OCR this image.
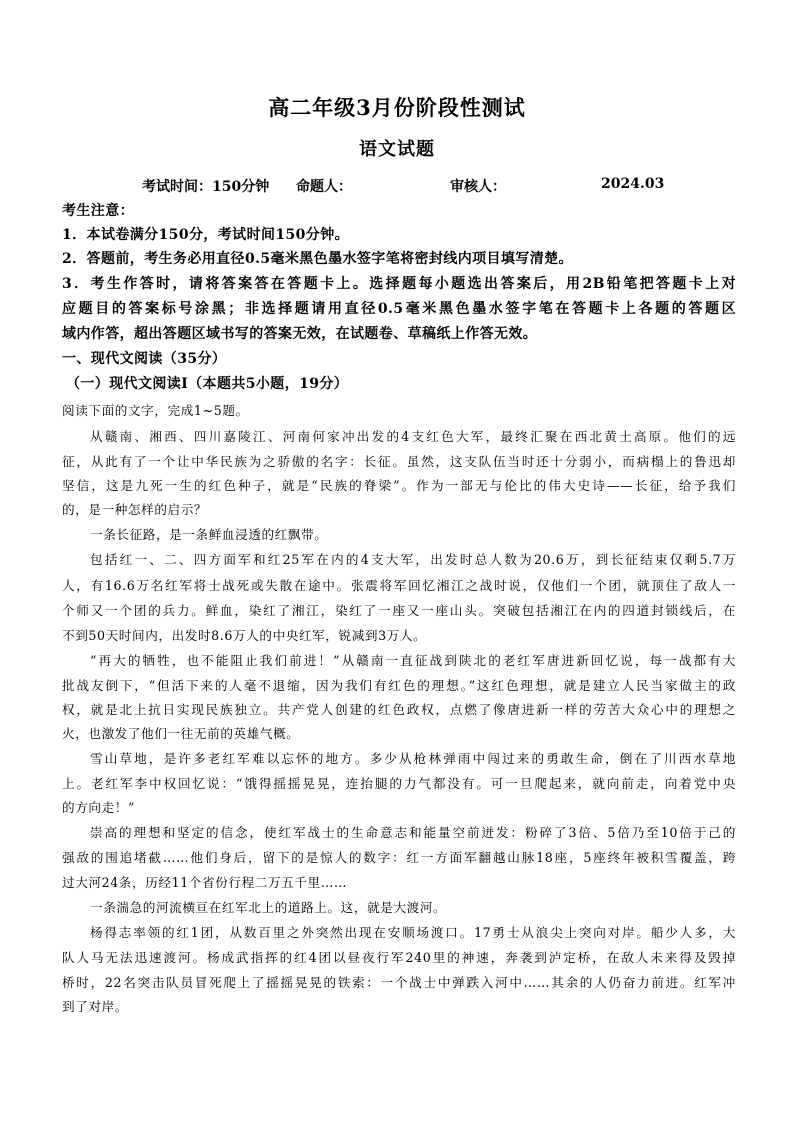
高二年级3月份阶段性测试
语文试题
考试时间：150分钟 命题人：	审核人：	2024.03
考生注意：
1．本试卷满分150分，考试时间150分钟。
2．答题前，考生务必用直径0.5毫米黑色墨水签字笔将密封线内项目填写清楚。
3．考生作答时，请将答案答在答题卡上。选择题每小题选出答案后，用2B铅笔把答题卡上对
应题目的答案标号涂黑；非选择题请用直径0.5毫米黑色墨水签字笔在答题卡上各题的答题区
域内作答，超出答题区域书写的答案无效，在试题卷、草稿纸上作答无效。
一、现代文阅读（35分）
（一）现代文阅读Ⅰ（本题共5小题，19分）
阅读下面的文字，完成1~5题。
从赣南、湘西、四川嘉陵江、河南何家冲出发的4支红色大军，最终汇聚在西北黄土高原。他们的远
征，从此有了一个让中华民族为之骄傲的名字：长征。虽然，这支队伍当时还十分弱小，而病榻上的鲁迅却
坚信，这是九死一生的红色种子，就是“民族的脊梁”。作为一部无与伦比的伟大史诗——长征，给予我们
的，是一种怎样的启示？
一条长征路，是一条鲜血浸透的红飘带。
包括红一、二、四方面军和红25军在内的4支大军，出发时总人数为20.6万，到长征结束仅剩5.7万
人，有16.6万名红军将士战死或失散在途中。张震将军回忆湘江之战时说，仅他们一个团，就顶住了敌人一
个师又一个团的兵力。鲜血，染红了湘江，染红了一座又一座山头。突破包括湘江在内的四道封锁线后，在
不到50天时间内，出发时8.6万人的中央红军，锐减到3万人。
“再大的牺牲，也不能阻止我们前进！”从赣南一直征战到陕北的老红军唐进新回忆说，每一战都有大
批战友倒下，“但活下来的人毫不退缩，因为我们有红色的理想。”这红色理想，就是建立人民当家做主的政
权，就是北上抗日实现民族独立。共产党人创建的红色政权，点燃了像唐进新一样的劳苦大众心中的理想之
火，也激发了他们一往无前的英雄气概。
雪山草地，是许多老红军难以忘怀的地方。多少从枪林弹雨中闯过来的勇敢生命，倒在了川西水草地
上。老红军李中权回忆说：“饿得摇摇晃晃，连抬腿的力气都没有。可一旦爬起来，就向前走，向着党中央
的方向走！”
崇高的理想和坚定的信念，使红军战士的生命意志和能量空前迸发：粉碎了3倍、5倍乃至10倍于己的
强敌的围追堵截……他们身后，留下的是惊人的数字：红一方面军翻越山脉18座，5座终年被积雪覆盖，跨
过大河24条，历经11个省份行程二万五千里……
一条湍急的河流横亘在红军北上的道路上。这，就是大渡河。
杨得志率领的红1团，从数百里之外突然出现在安顺场渡口。17勇士从浪尖上突向对岸。船少人多，大
队人马无法迅速渡河。杨成武指挥的红4团以昼夜行军240里的神速，奔袭到泸定桥，在敌人未来得及毁掉
桥时，22名突击队员冒死爬上了摇摇晃晃的铁索：一个战士中弹跌入河中……其余的人仍奋力前进。红军冲
到了对岸。
